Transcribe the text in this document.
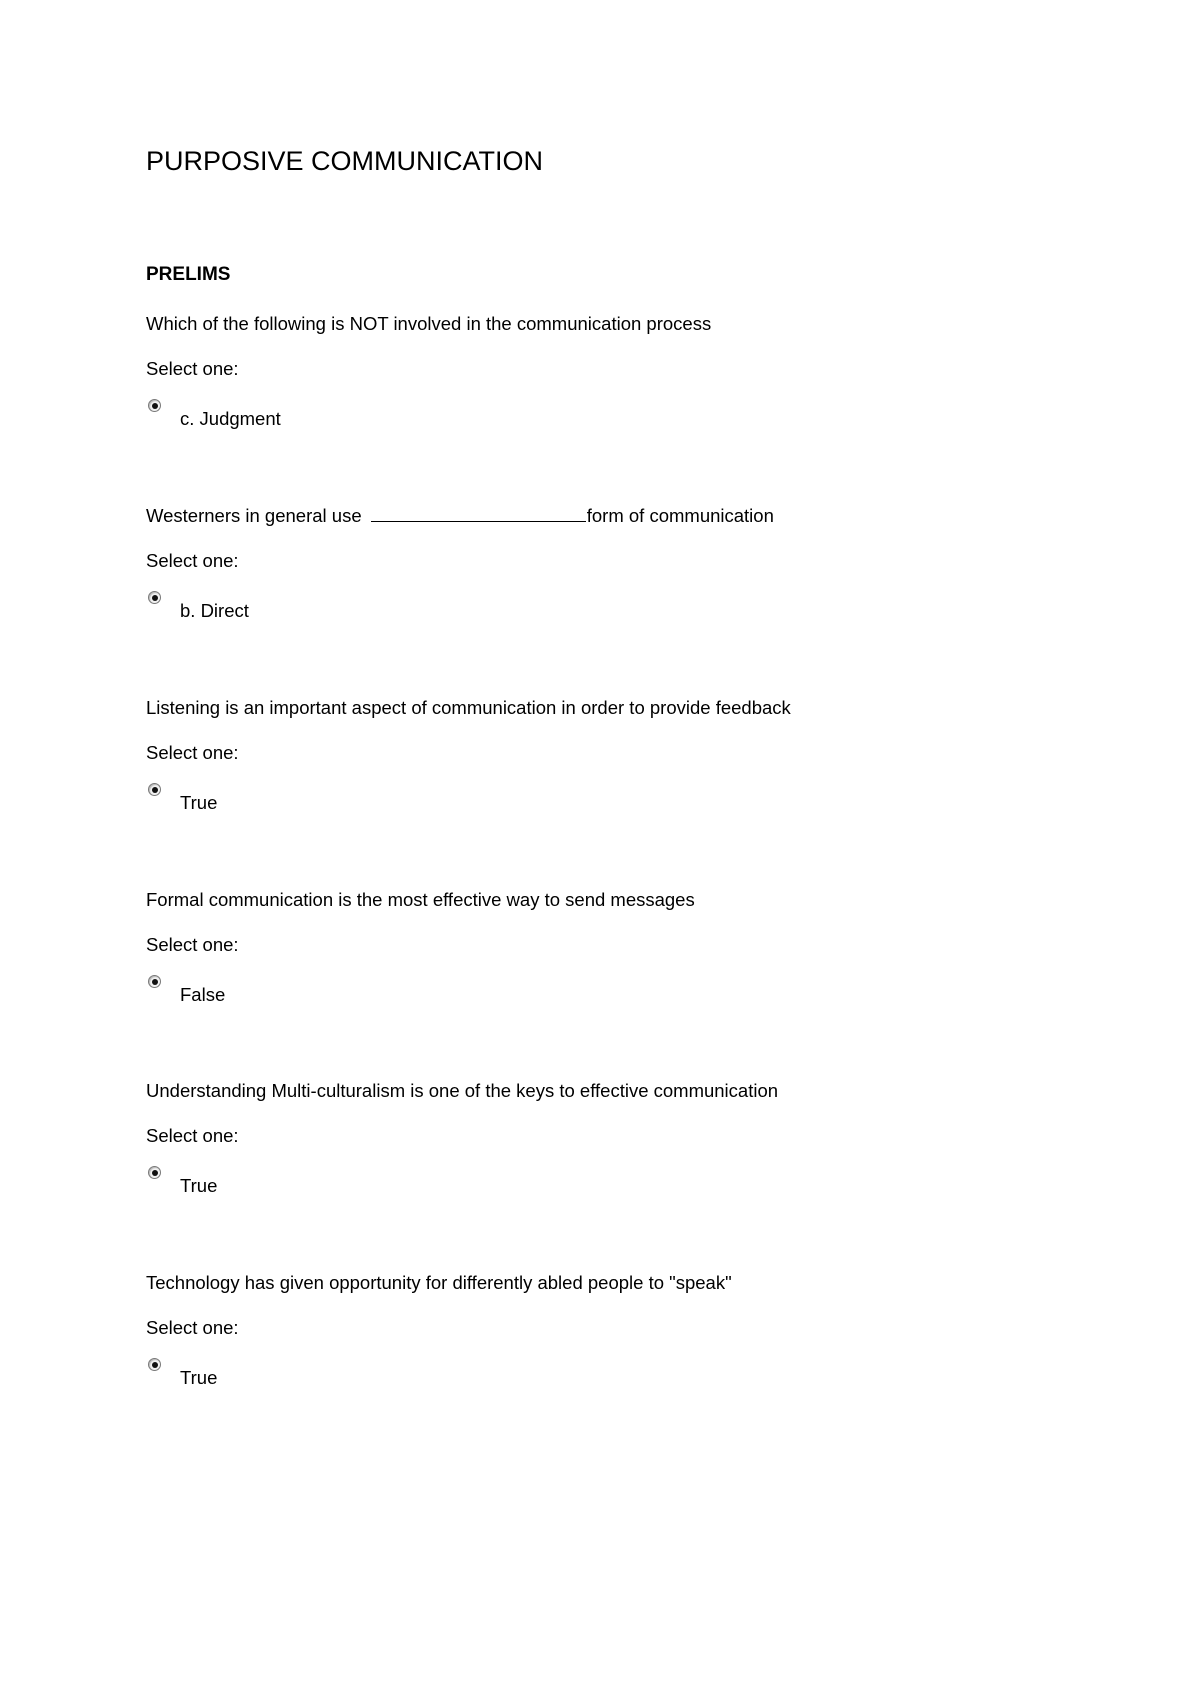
PURPOSIVE COMMUNICATION
PRELIMS
Which of the following is NOT involved in the communication process
Select one:
c. Judgment
Westerners in general use	form of communication
Select one:
b. Direct
Listening is an important aspect of communication in order to provide feedback
Select one:
True
Formal communication is the most effective way to send messages
Select one:
False
Understanding Multi-culturalism is one of the keys to effective communication
Select one:
True
Technology has given opportunity for differently abled people to "speak"
Select one:
True
